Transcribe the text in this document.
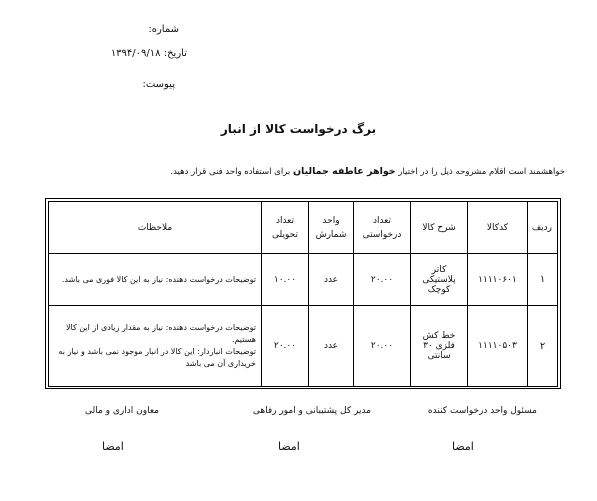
شماره:
تاریخ: ۱۳۹۴/۰۹/۱۸
پیوست:
برگ درخواست کالا از انبار
خواهشمند است اقلام مشروحه ذیل را در اختیار خواهر عاطفه جمالیان برای استفاده واحد فنی قرار دهید.
ردیف	کدکالا	شرح کالا	تعداد درخواستی	واحد شمارش	تعداد تحویلی	ملاحظات
۱	۱۱۱۱۰۶۰۱	کاتر پلاستیکی کوچک	۲۰.۰۰	عدد	۱۰.۰۰	توضیحات درخواست دهنده: نیاز به این کالا فوری می باشد.

۲	۱۱۱۱۰۵۰۳	خط کش فلزی ۳۰ سانتی	۲۰.۰۰	عدد	۲۰.۰۰	توضیحات درخواست دهنده: نیاز به مقدار زیادی از این کالا هستیم.
توضیحات انباردار: این کالا در انبار موجود نمی باشد و نیاز به خریداری آن می باشد
مسئول واحد درخواست کننده
مدیر کل پشتیبانی و امور رفاهی
معاون اداری و مالی
امضا
امضا
امضا
